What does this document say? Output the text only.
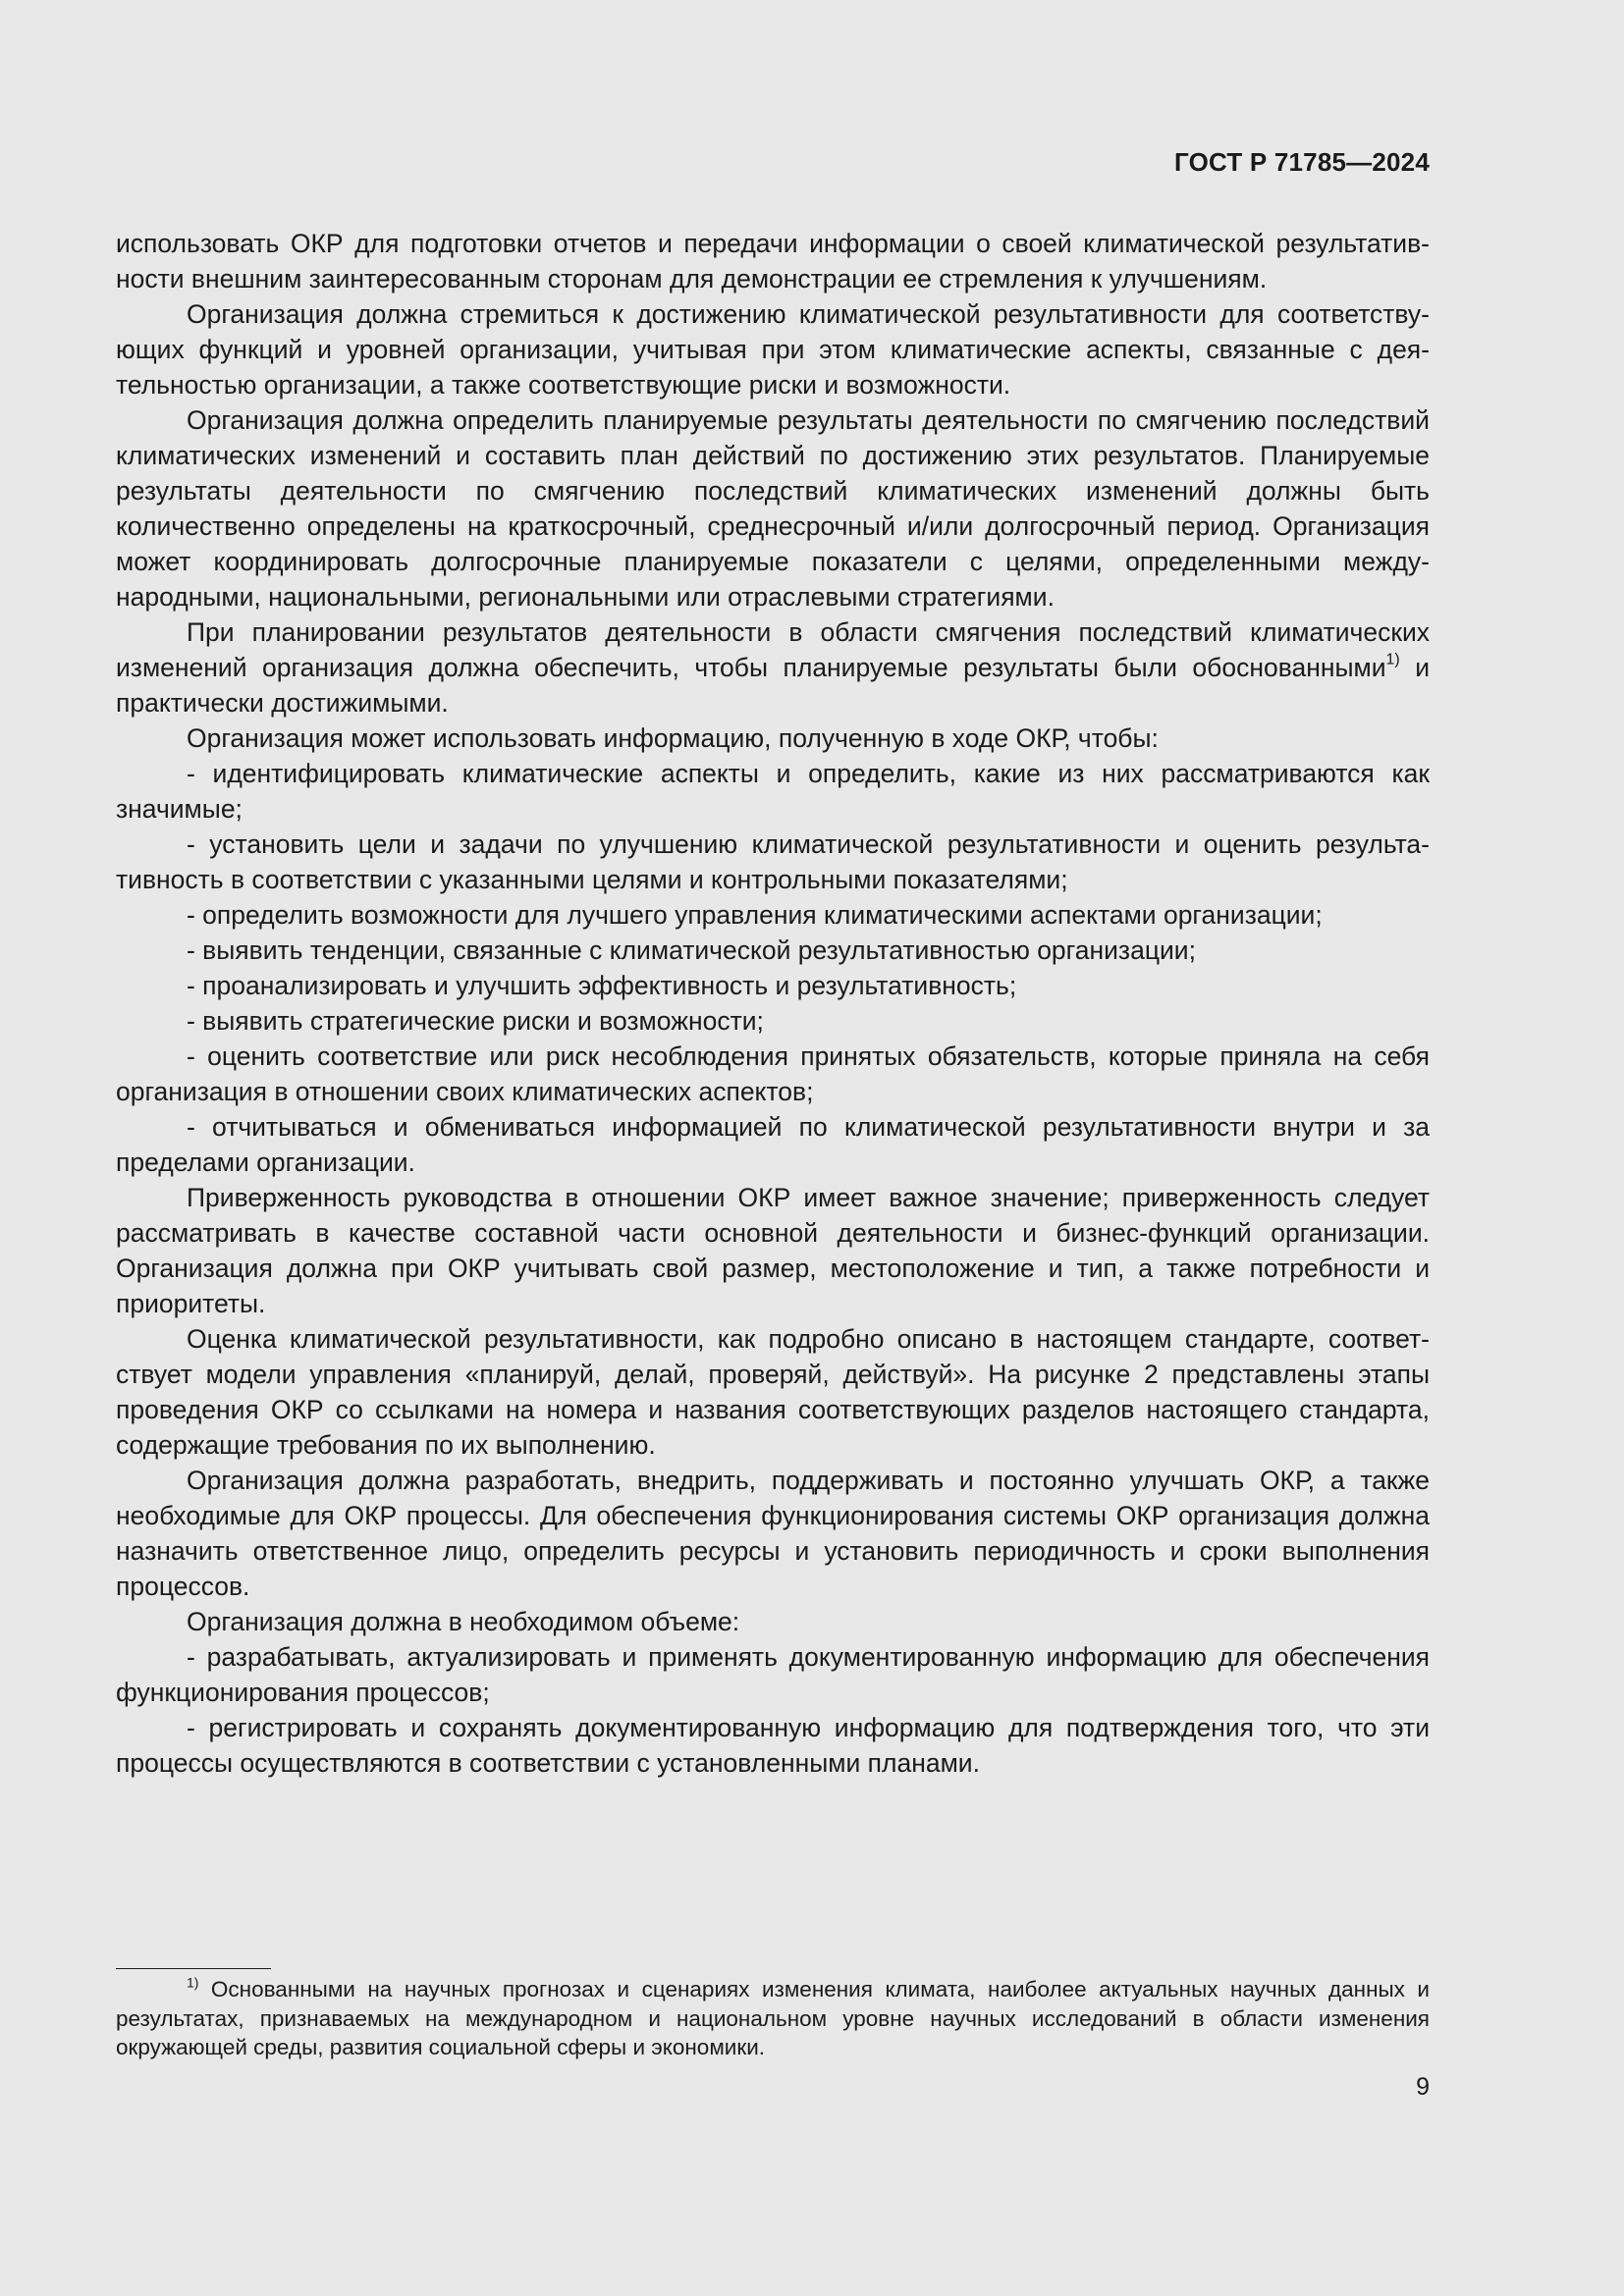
ГОСТ Р 71785—2024

использовать ОКР для подготовки отчетов и передачи информации о своей климатической результативности внешним заинтересованным сторонам для демонстрации ее стремления к улучшениям.

Организация должна стремиться к достижению климатической результативности для соответствующих функций и уровней организации, учитывая при этом климатические аспекты, связанные с деятельностью организации, а также соответствующие риски и возможности.

Организация должна определить планируемые результаты деятельности по смягчению последствий климатических изменений и составить план действий по достижению этих результатов. Планируемые результаты деятельности по смягчению последствий климатических изменений должны быть количественно определены на краткосрочный, среднесрочный и/или долгосрочный период. Организация может координировать долгосрочные планируемые показатели с целями, определенными международными, национальными, региональными или отраслевыми стратегиями.

При планировании результатов деятельности в области смягчения последствий климатических изменений организация должна обеспечить, чтобы планируемые результаты были обоснованными$^{1)}$ и практически достижимыми.

Организация может использовать информацию, полученную в ходе ОКР, чтобы:

- идентифицировать климатические аспекты и определить, какие из них рассматриваются как значимые;

- установить цели и задачи по улучшению климатической результативности и оценить результативность в соответствии с указанными целями и контрольными показателями;

- определить возможности для лучшего управления климатическими аспектами организации;

- выявить тенденции, связанные с климатической результативностью организации;

- проанализировать и улучшить эффективность и результативность;

- выявить стратегические риски и возможности;

- оценить соответствие или риск несоблюдения принятых обязательств, которые приняла на себя организация в отношении своих климатических аспектов;

- отчитываться и обмениваться информацией по климатической результативности внутри и за пределами организации.

Приверженность руководства в отношении ОКР имеет важное значение; приверженность следует рассматривать в качестве составной части основной деятельности и бизнес-функций организации. Организация должна при ОКР учитывать свой размер, местоположение и тип, а также потребности и приоритеты.

Оценка климатической результативности, как подробно описано в настоящем стандарте, соответствует модели управления «планируй, делай, проверяй, действуй». На рисунке 2 представлены этапы проведения ОКР со ссылками на номера и названия соответствующих разделов настоящего стандарта, содержащие требования по их выполнению.

Организация должна разработать, внедрить, поддерживать и постоянно улучшать ОКР, а также необходимые для ОКР процессы. Для обеспечения функционирования системы ОКР организация должна назначить ответственное лицо, определить ресурсы и установить периодичность и сроки выполнения процессов.

Организация должна в необходимом объеме:

- разрабатывать, актуализировать и применять документированную информацию для обеспечения функционирования процессов;

- регистрировать и сохранять документированную информацию для подтверждения того, что эти процессы осуществляются в соответствии с установленными планами.

$^{1)}$ Основанными на научных прогнозах и сценариях изменения климата, наиболее актуальных научных данных и результатах, признаваемых на международном и национальном уровне научных исследований в области изменения окружающей среды, развития социальной сферы и экономики.
9
